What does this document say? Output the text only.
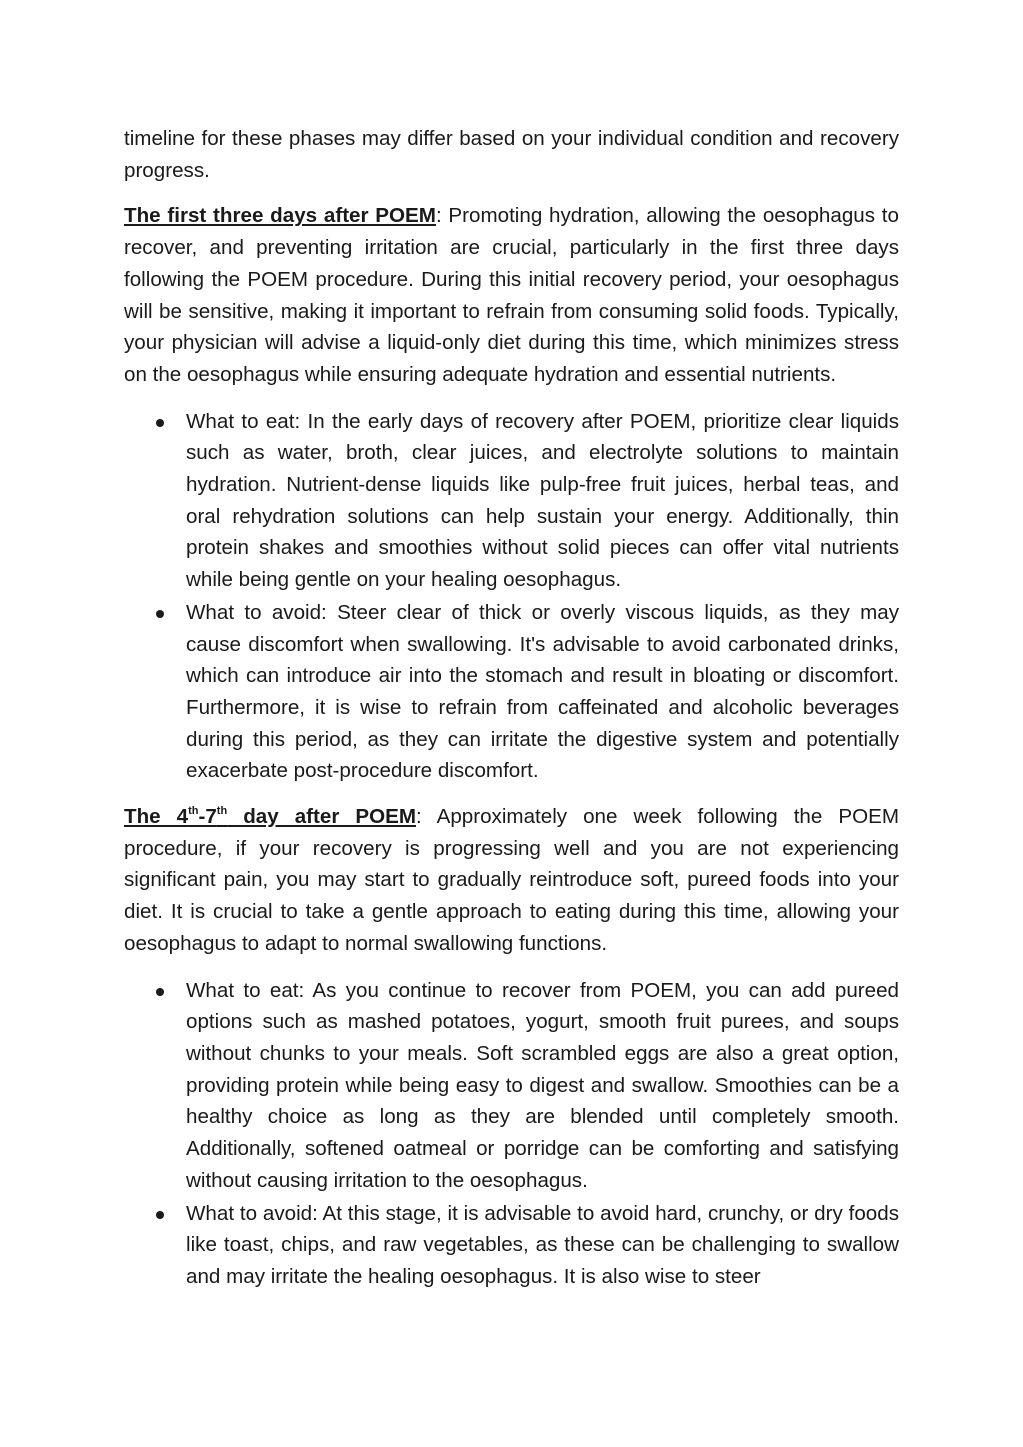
timeline for these phases may differ based on your individual condition and recovery progress.

The first three days after POEM: Promoting hydration, allowing the oesophagus to recover, and preventing irritation are crucial, particularly in the first three days following the POEM procedure. During this initial recovery period, your oesophagus will be sensitive, making it important to refrain from consuming solid foods. Typically, your physician will advise a liquid-only diet during this time, which minimizes stress on the oesophagus while ensuring adequate hydration and essential nutrients.

What to eat: In the early days of recovery after POEM, prioritize clear liquids such as water, broth, clear juices, and electrolyte solutions to maintain hydration. Nutrient-dense liquids like pulp-free fruit juices, herbal teas, and oral rehydration solutions can help sustain your energy. Additionally, thin protein shakes and smoothies without solid pieces can offer vital nutrients while being gentle on your healing oesophagus.
What to avoid: Steer clear of thick or overly viscous liquids, as they may cause discomfort when swallowing. It's advisable to avoid carbonated drinks, which can introduce air into the stomach and result in bloating or discomfort. Furthermore, it is wise to refrain from caffeinated and alcoholic beverages during this period, as they can irritate the digestive system and potentially exacerbate post-procedure discomfort.

The 4th-7th day after POEM: Approximately one week following the POEM procedure, if your recovery is progressing well and you are not experiencing significant pain, you may start to gradually reintroduce soft, pureed foods into your diet. It is crucial to take a gentle approach to eating during this time, allowing your oesophagus to adapt to normal swallowing functions.

What to eat: As you continue to recover from POEM, you can add pureed options such as mashed potatoes, yogurt, smooth fruit purees, and soups without chunks to your meals. Soft scrambled eggs are also a great option, providing protein while being easy to digest and swallow. Smoothies can be a healthy choice as long as they are blended until completely smooth. Additionally, softened oatmeal or porridge can be comforting and satisfying without causing irritation to the oesophagus.
What to avoid: At this stage, it is advisable to avoid hard, crunchy, or dry foods like toast, chips, and raw vegetables, as these can be challenging to swallow and may irritate the healing oesophagus. It is also wise to steer
